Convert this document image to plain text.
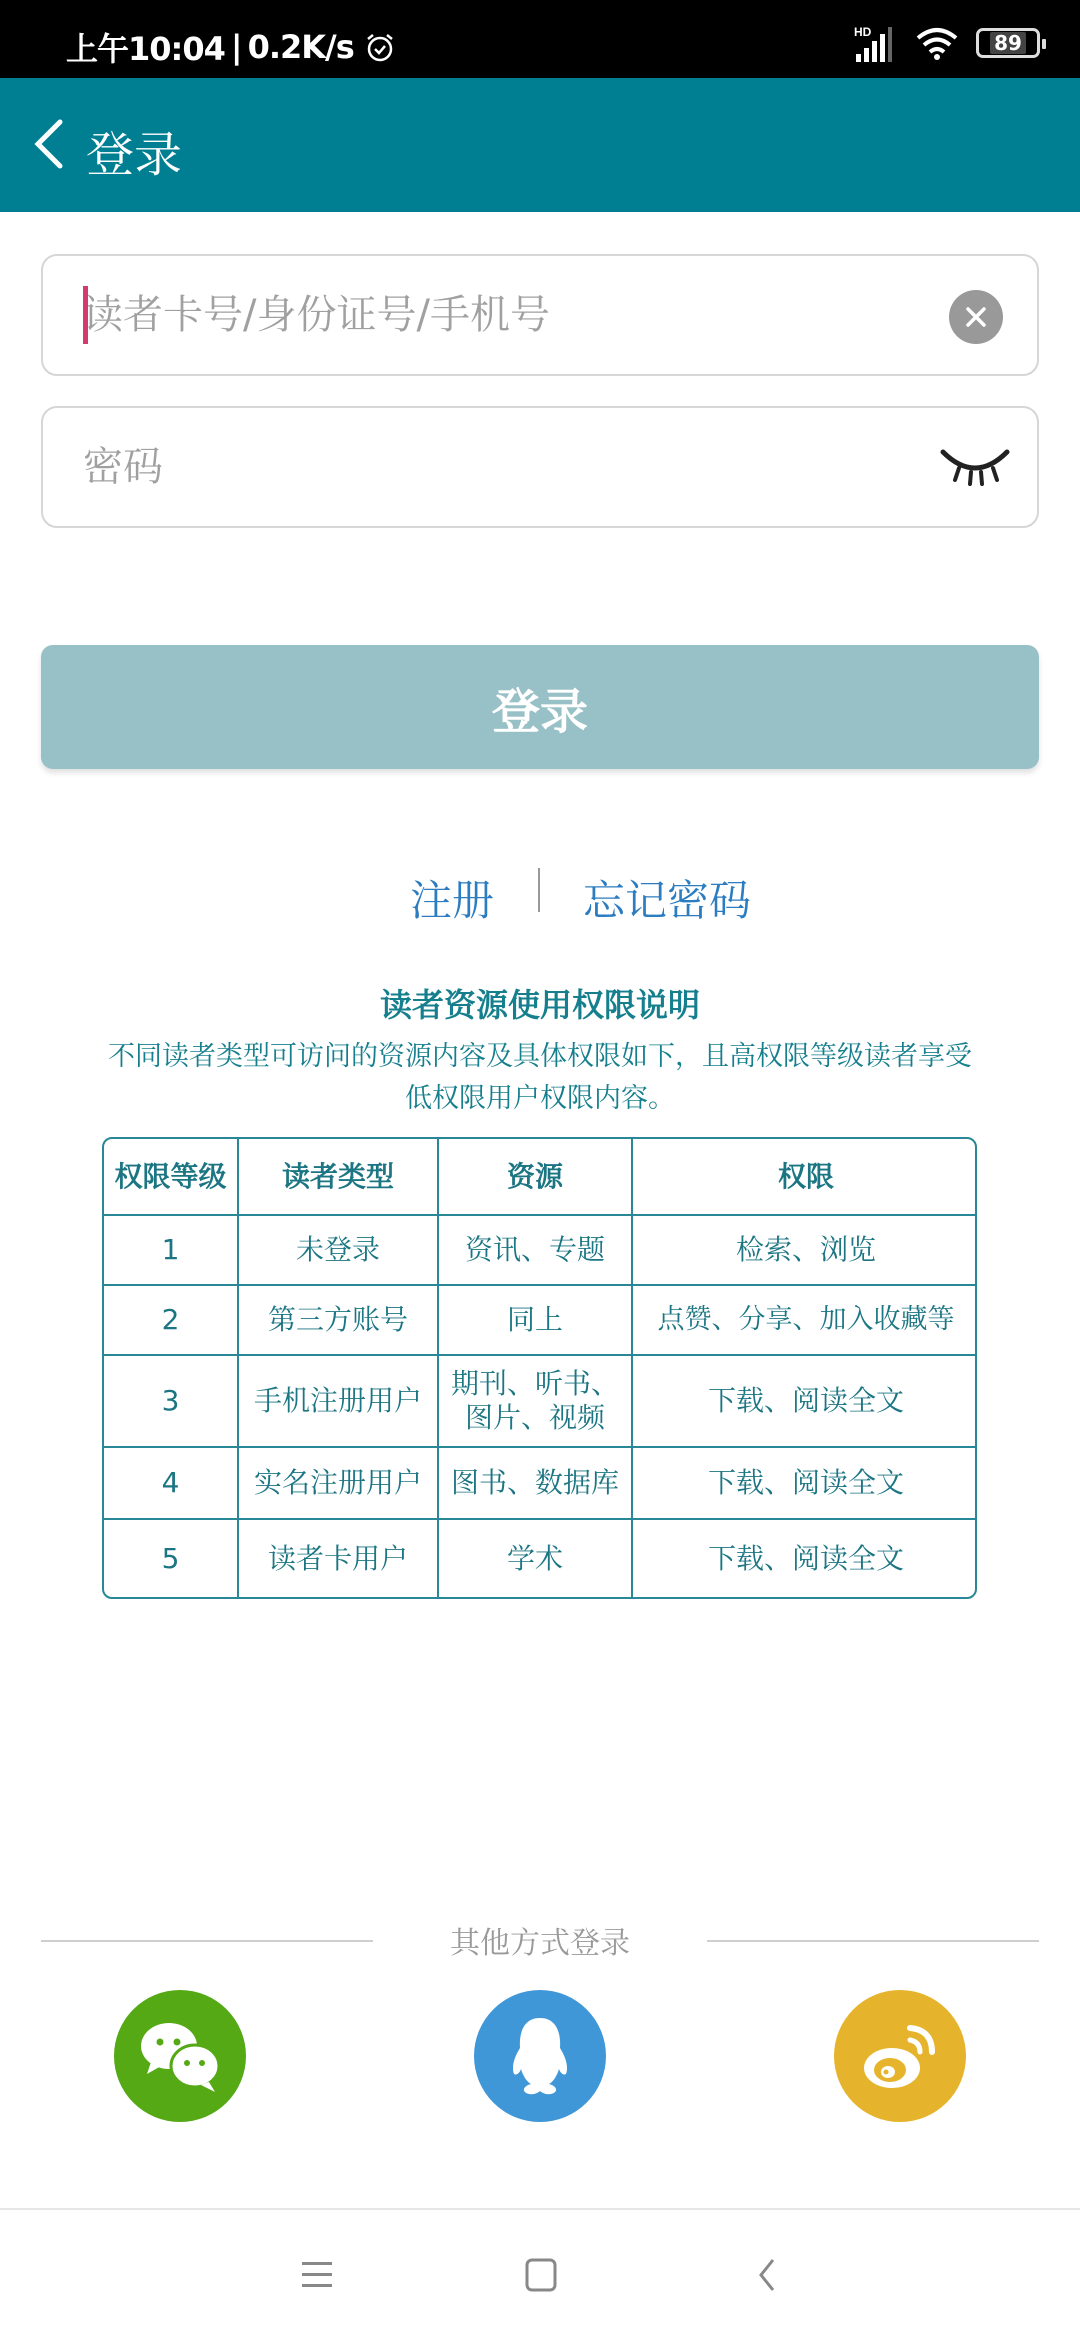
上午10:04 | 0.2K/s	HD	89
登录
读者卡号/身份证号/手机号
登录
注册 忘记密码
读者资源使用权限说明
不同读者类型可访问的资源内容及具体权限如下，且高权限等级读者享受低权限用户权限内容。
权限等级	读者类型	资源	权限
1	未登录	资讯、专题	检索、浏览
2	第三方账号	同上	点赞、分享、加入收藏等
3	手机注册用户	期刊、听书、图片、视频	下载、阅读全文
4	实名注册用户	图书、数据库	下载、阅读全文
5	读者卡用户	学术	下载、阅读全文
其他方式登录
